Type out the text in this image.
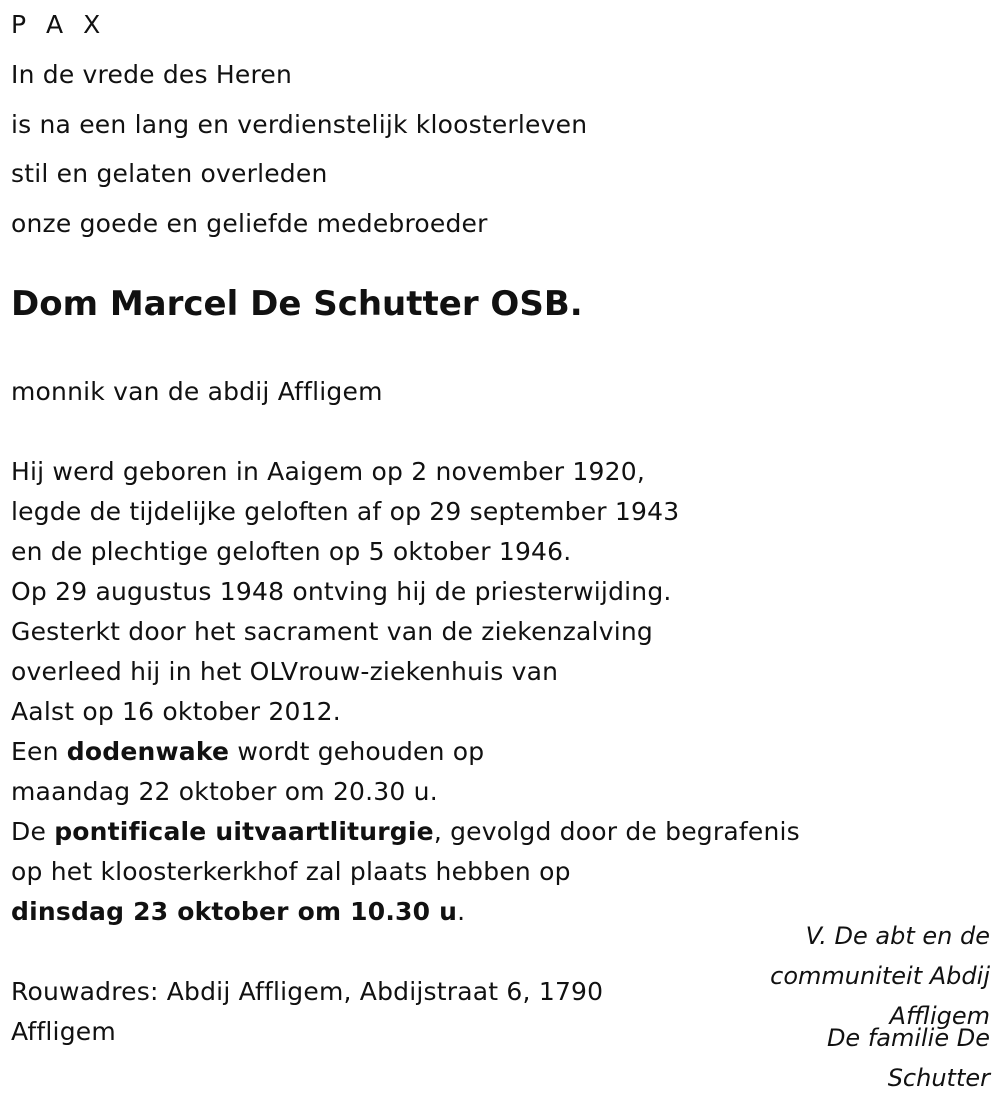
P A X
In de vrede des Heren
is na een lang en verdienstelijk kloosterleven
stil en gelaten overleden
onze goede en geliefde medebroeder
Dom Marcel De Schutter OSB.
monnik van de abdij Affligem
Hij werd geboren in Aaigem op 2 november 1920,
legde de tijdelijke geloften af op 29 september 1943
en de plechtige geloften op 5 oktober 1946.
Op 29 augustus 1948 ontving hij de priesterwijding.
Gesterkt door het sacrament van de ziekenzalving
overleed hij in het OLVrouw-ziekenhuis van
Aalst op 16 oktober 2012.
Een dodenwake wordt gehouden op
maandag 22 oktober om 20.30 u.
De pontificale uitvaartliturgie, gevolgd door de begrafenis
op het kloosterkerkhof zal plaats hebben op
dinsdag 23 oktober om 10.30 u.
Rouwadres: Abdij Affligem, Abdijstraat 6, 1790
Affligem
V. De abt en de
communiteit Abdij
Affligem
De familie De
Schutter
